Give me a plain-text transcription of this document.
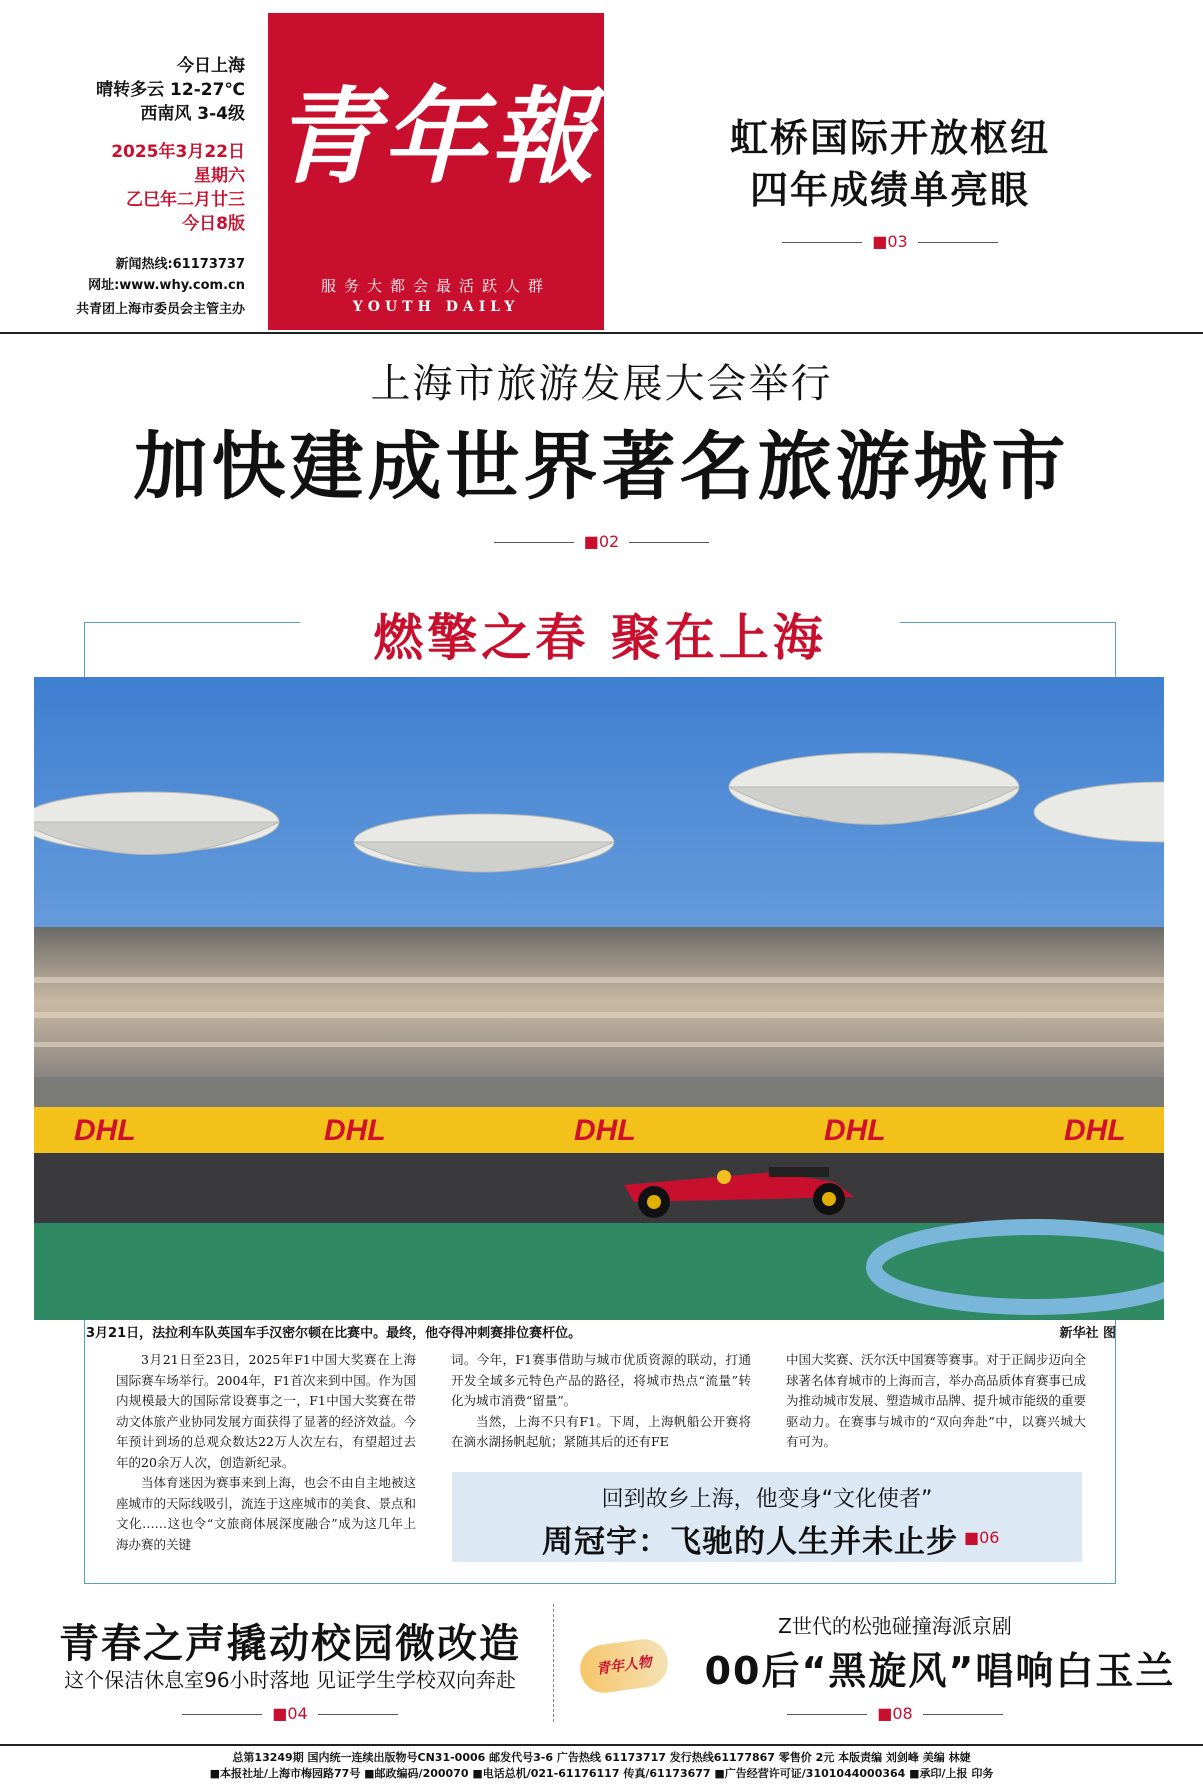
今日上海
晴转多云 12-27℃
西南风 3-4级
2025年3月22日
星期六
乙巳年二月廿三
今日8版
新闻热线:61173737
网址:www.why.com.cn
共青团上海市委员会主管主办
青年報
服务大都会最活跃人群
YOUTH DAILY
虹桥国际开放枢纽
四年成绩单亮眼
■03
上海市旅游发展大会举行
加快建成世界著名旅游城市
■02
燃擎之春 聚在上海
DHL	DHL	DHL	DHL	DHL
3月21日，法拉利车队英国车手汉密尔顿在比赛中。最终，他夺得冲刺赛排位赛杆位。	新华社 图

3月21日至23日，2025年F1中国大奖赛在上海国际赛车场举行。2004年，F1首次来到中国。作为国内规模最大的国际常设赛事之一，F1中国大奖赛在带动文体旅产业协同发展方面获得了显著的经济效益。今年预计到场的总观众数达22万人次左右，有望超过去年的20余万人次，创造新纪录。

当体育迷因为赛事来到上海，也会不由自主地被这座城市的天际线吸引，流连于这座城市的美食、景点和文化……这也令“文旅商体展深度融合”成为这几年上海办赛的关键

词。今年，F1赛事借助与城市优质资源的联动，打通开发全域多元特色产品的路径，将城市热点“流量”转化为城市消费“留量”。

当然，上海不只有F1。下周，上海帆船公开赛将在滴水湖扬帆起航；紧随其后的还有FE

中国大奖赛、沃尔沃中国赛等赛事。对于正阔步迈向全球著名体育城市的上海而言，举办高品质体育赛事已成为推动城市发展、塑造城市品牌、提升城市能级的重要驱动力。在赛事与城市的“双向奔赴”中，以赛兴城大有可为。

回到故乡上海，他变身“文化使者”
周冠宇：飞驰的人生并未止步 ■06
青春之声撬动校园微改造
这个保洁休息室96小时落地 见证学生学校双向奔赴
■04
Z世代的松弛碰撞海派京剧
青年人物	00后“黑旋风”唱响白玉兰
■08
总第13249期 国内统一连续出版物号CN31-0006 邮发代号3-6 广告热线 61173717 发行热线61177867 零售价 2元 本版责编 刘剑峰 美编 林婕
■本报社址/上海市梅园路77号 ■邮政编码/200070 ■电话总机/021-61176117 传真/61173677 ■广告经营许可证/3101044000364 ■承印/上报 印务
